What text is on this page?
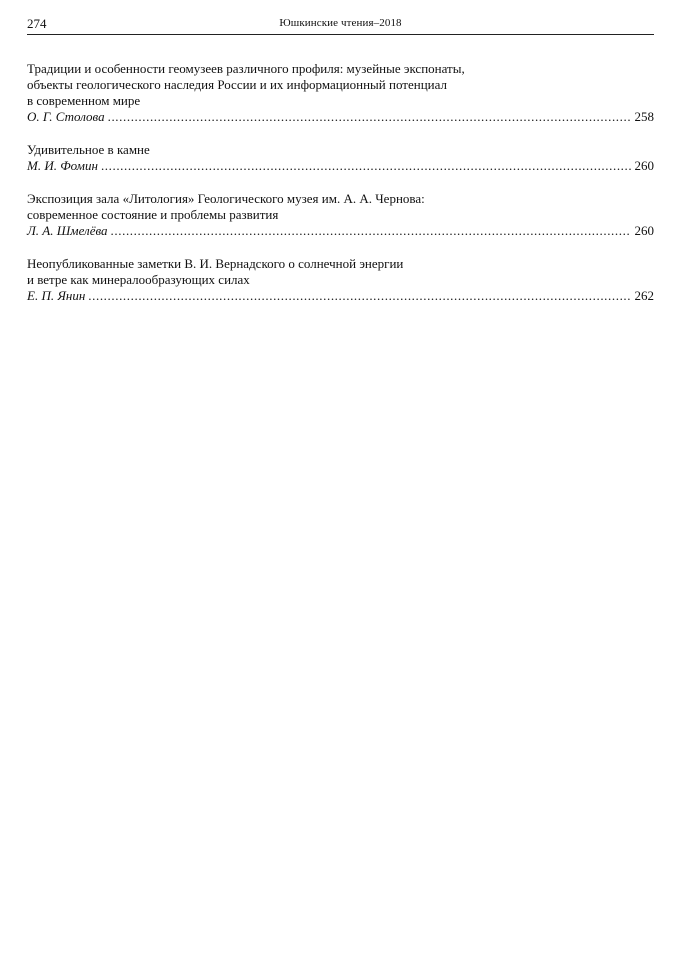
274	Юшкинские чтения–2018
Традиции и особенности геомузеев различного профиля: музейные экспонаты,
объекты геологического наследия России и их информационный потенциал
в современном мире
О. Г. Столова .....	258
Удивительное в камне
М. И. Фомин .....	260
Экспозиция зала «Литология» Геологического музея им. А. А. Чернова:
современное состояние и проблемы развития
Л. А. Шмелёва .....	260
Неопубликованные заметки В. И. Вернадского о солнечной энергии
и ветре как минералообразующих силах
Е. П. Янин .....	262
